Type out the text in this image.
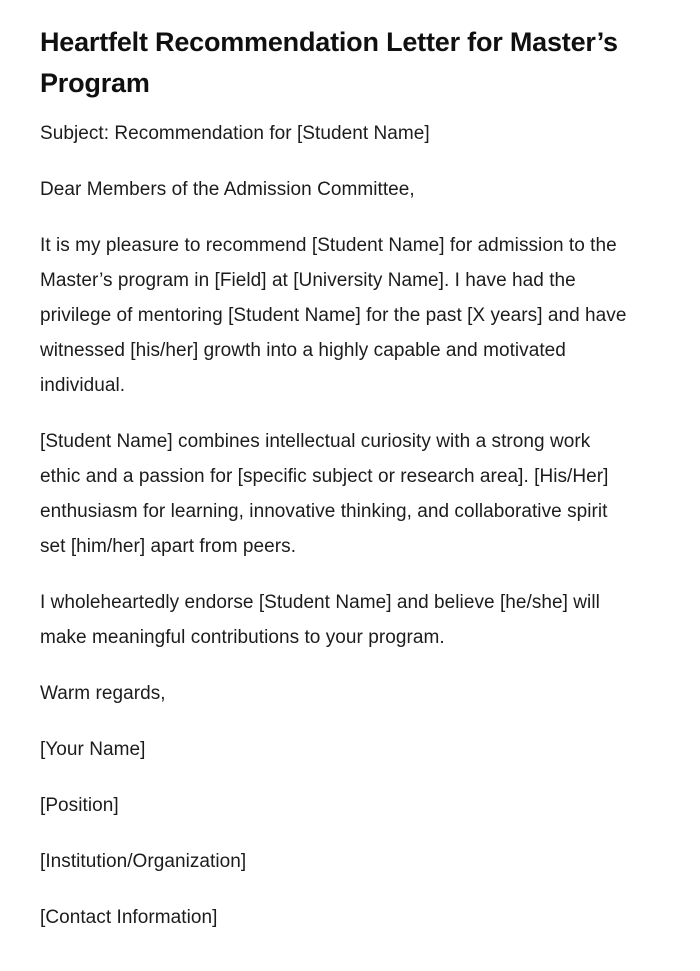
Heartfelt Recommendation Letter for Master’s Program

Subject: Recommendation for [Student Name]

Dear Members of the Admission Committee,

It is my pleasure to recommend [Student Name] for admission to the Master’s program in [Field] at [University Name]. I have had the privilege of mentoring [Student Name] for the past [X years] and have witnessed [his/her] growth into a highly capable and motivated individual.

[Student Name] combines intellectual curiosity with a strong work ethic and a passion for [specific subject or research area]. [His/Her] enthusiasm for learning, innovative thinking, and collaborative spirit set [him/her] apart from peers.

I wholeheartedly endorse [Student Name] and believe [he/she] will make meaningful contributions to your program.

Warm regards,

[Your Name]

[Position]

[Institution/Organization]

[Contact Information]
